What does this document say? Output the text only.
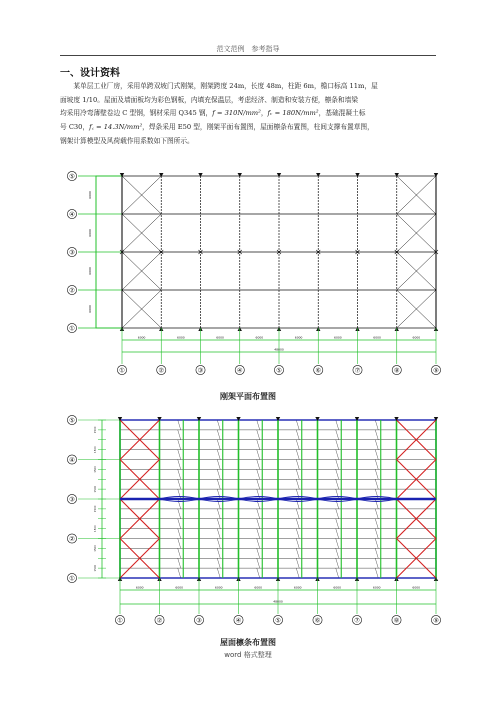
范文范例　参考指导
一、设计资料

  某单层工业厂房，采用单跨双坡门式刚架，刚架跨度 24m，长度 48m，柱距 6m，檐口标高 11m，屋

面坡度 1/10。屋面及墙面板均为彩色钢板，内填充保温层，考虑经济、制造和安装方便，檩条和墙梁

均采用冷弯薄壁卷边 C 型钢，钢材采用 Q345 钢，f = 310N/mm²，fᵥ = 180N/mm²，基础混凝土标

号 C30，f꜀ = 14.3N/mm²，焊条采用 E50 型，刚架平面布置图，屋面檩条布置图，柱间支撑布置草图，

钢架计算模型及风荷载作用系数如下图所示。

6000
6000
6000
6000
⑤
④
③
②
①
6000	6000	6000	6000	6000	6000	6000	6000
48000
①	②	③	④	⑤	⑥	⑦	⑧	⑨
刚架平面布置图
1500
1500
1500
1500
1500
1500
1500
1500
⑤
④
③
②
①
6000	6000	6000	6000	6000	6000	6000	6000
48000
①	②	③	④	⑤	⑥	⑦	⑧	⑨
屋面檩条布置图
word 格式整理
